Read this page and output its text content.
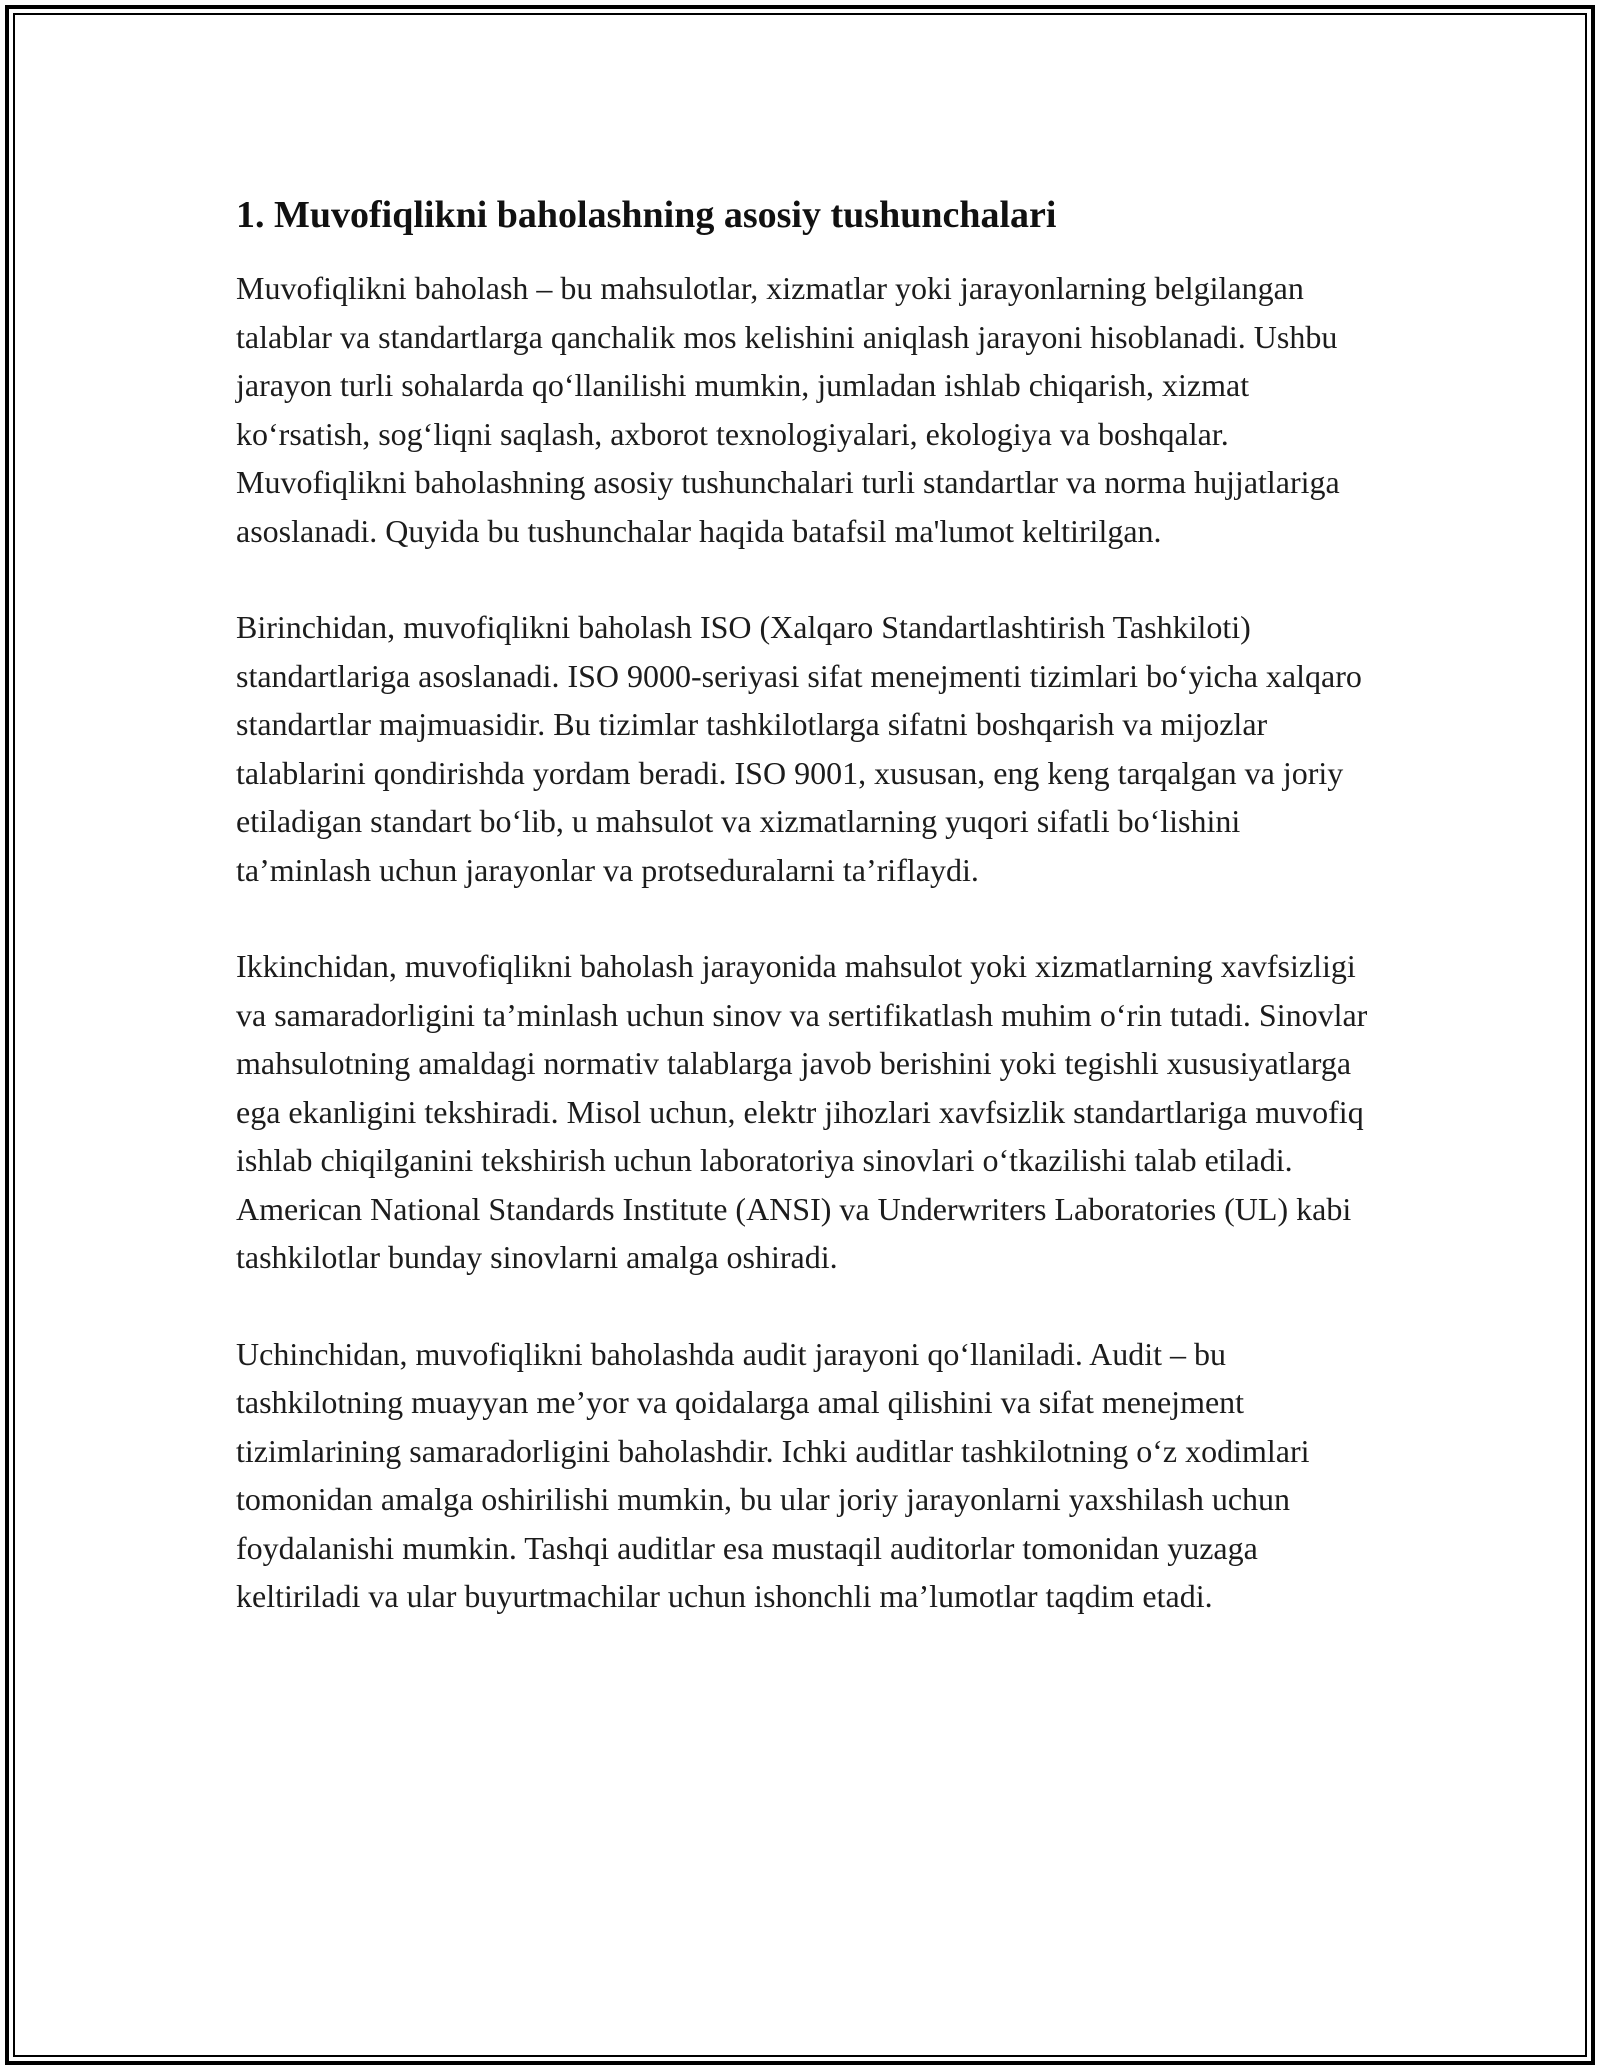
1. Muvofiqlikni baholashning asosiy tushunchalari

Muvofiqlikni baholash – bu mahsulotlar, xizmatlar yoki jarayonlarning belgilangan talablar va standartlarga qanchalik mos kelishini aniqlash jarayoni hisoblanadi. Ushbu jarayon turli sohalarda qoʻllanilishi mumkin, jumladan ishlab chiqarish, xizmat koʻrsatish, sogʻliqni saqlash, axborot texnologiyalari, ekologiya va boshqalar. Muvofiqlikni baholashning asosiy tushunchalari turli standartlar va norma hujjatlariga asoslanadi. Quyida bu tushunchalar haqida batafsil ma'lumot keltirilgan.

Birinchidan, muvofiqlikni baholash ISO (Xalqaro Standartlashtirish Tashkiloti) standartlariga asoslanadi. ISO 9000-seriyasi sifat menejmenti tizimlari boʻyicha xalqaro standartlar majmuasidir. Bu tizimlar tashkilotlarga sifatni boshqarish va mijozlar talablarini qondirishda yordam beradi. ISO 9001, xususan, eng keng tarqalgan va joriy etiladigan standart boʻlib, u mahsulot va xizmatlarning yuqori sifatli boʻlishini taʼminlash uchun jarayonlar va protseduralarni taʼriflaydi.

Ikkinchidan, muvofiqlikni baholash jarayonida mahsulot yoki xizmatlarning xavfsizligi va samaradorligini taʼminlash uchun sinov va sertifikatlash muhim oʻrin tutadi. Sinovlar mahsulotning amaldagi normativ talablarga javob berishini yoki tegishli xususiyatlarga ega ekanligini tekshiradi. Misol uchun, elektr jihozlari xavfsizlik standartlariga muvofiq ishlab chiqilganini tekshirish uchun laboratoriya sinovlari oʻtkazilishi talab etiladi. American National Standards Institute (ANSI) va Underwriters Laboratories (UL) kabi tashkilotlar bunday sinovlarni amalga oshiradi.

Uchinchidan, muvofiqlikni baholashda audit jarayoni qoʻllaniladi. Audit – bu tashkilotning muayyan meʼyor va qoidalarga amal qilishini va sifat menejment tizimlarining samaradorligini baholashdir. Ichki auditlar tashkilotning oʻz xodimlari tomonidan amalga oshirilishi mumkin, bu ular joriy jarayonlarni yaxshilash uchun foydalanishi mumkin. Tashqi auditlar esa mustaqil auditorlar tomonidan yuzaga keltiriladi va ular buyurtmachilar uchun ishonchli maʼlumotlar taqdim etadi.
